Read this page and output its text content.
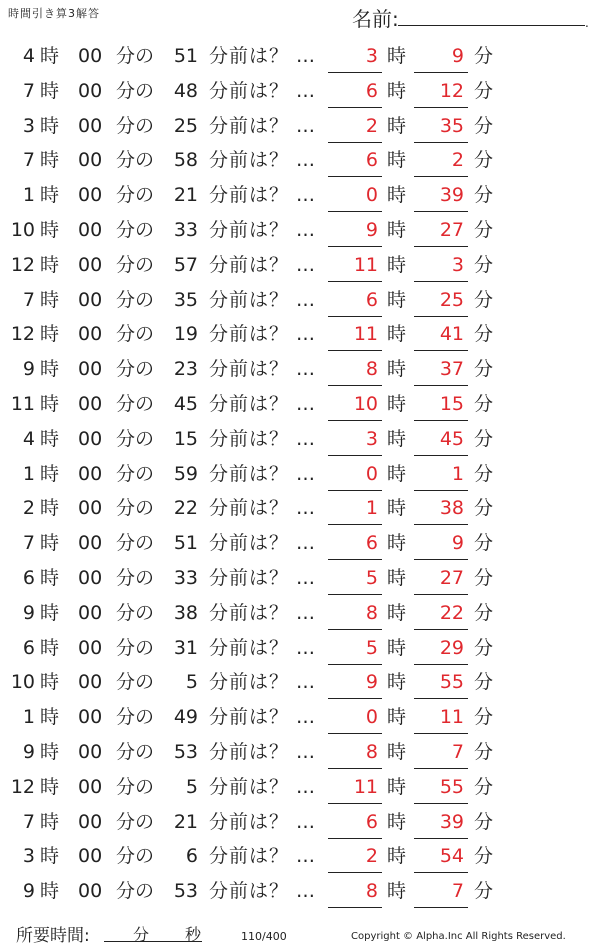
時間引き算3解答	名前:	.
4 時 00 分の	51 分前は？ …	3 時	9 分
7 時 00 分の	48 分前は？ …	6 時	12 分
3 時 00 分の	25 分前は？ …	2 時	35 分
7 時 00 分の	58 分前は？ …	6 時	2 分
1 時 00 分の	21 分前は？ …	0 時	39 分
10 時 00 分の	33 分前は？ …	9 時	27 分
12 時 00 分の	57 分前は？ …	11 時	3 分
7 時 00 分の	35 分前は？ …	6 時	25 分
12 時 00 分の	19 分前は？ …	11 時	41 分
9 時 00 分の	23 分前は？ …	8 時	37 分
11 時 00 分の	45 分前は？ …	10 時	15 分
4 時 00 分の	15 分前は？ …	3 時	45 分
1 時 00 分の	59 分前は？ …	0 時	1 分
2 時 00 分の	22 分前は？ …	1 時	38 分
7 時 00 分の	51 分前は？ …	6 時	9 分
6 時 00 分の	33 分前は？ …	5 時	27 分
9 時 00 分の	38 分前は？ …	8 時	22 分
6 時 00 分の	31 分前は？ …	5 時	29 分
10 時 00 分の	5 分前は？ …	9 時	55 分
1 時 00 分の	49 分前は？ …	0 時	11 分
9 時 00 分の	53 分前は？ …	8 時	7 分
12 時 00 分の	5 分前は？ …	11 時	55 分
7 時 00 分の	21 分前は？ …	6 時	39 分
3 時 00 分の	6 分前は？ …	2 時	54 分
9 時 00 分の	53 分前は？ …	8 時	7 分
所要時間:	分 秒	110/400	Copyright © Alpha.Inc All Rights Reserved.
